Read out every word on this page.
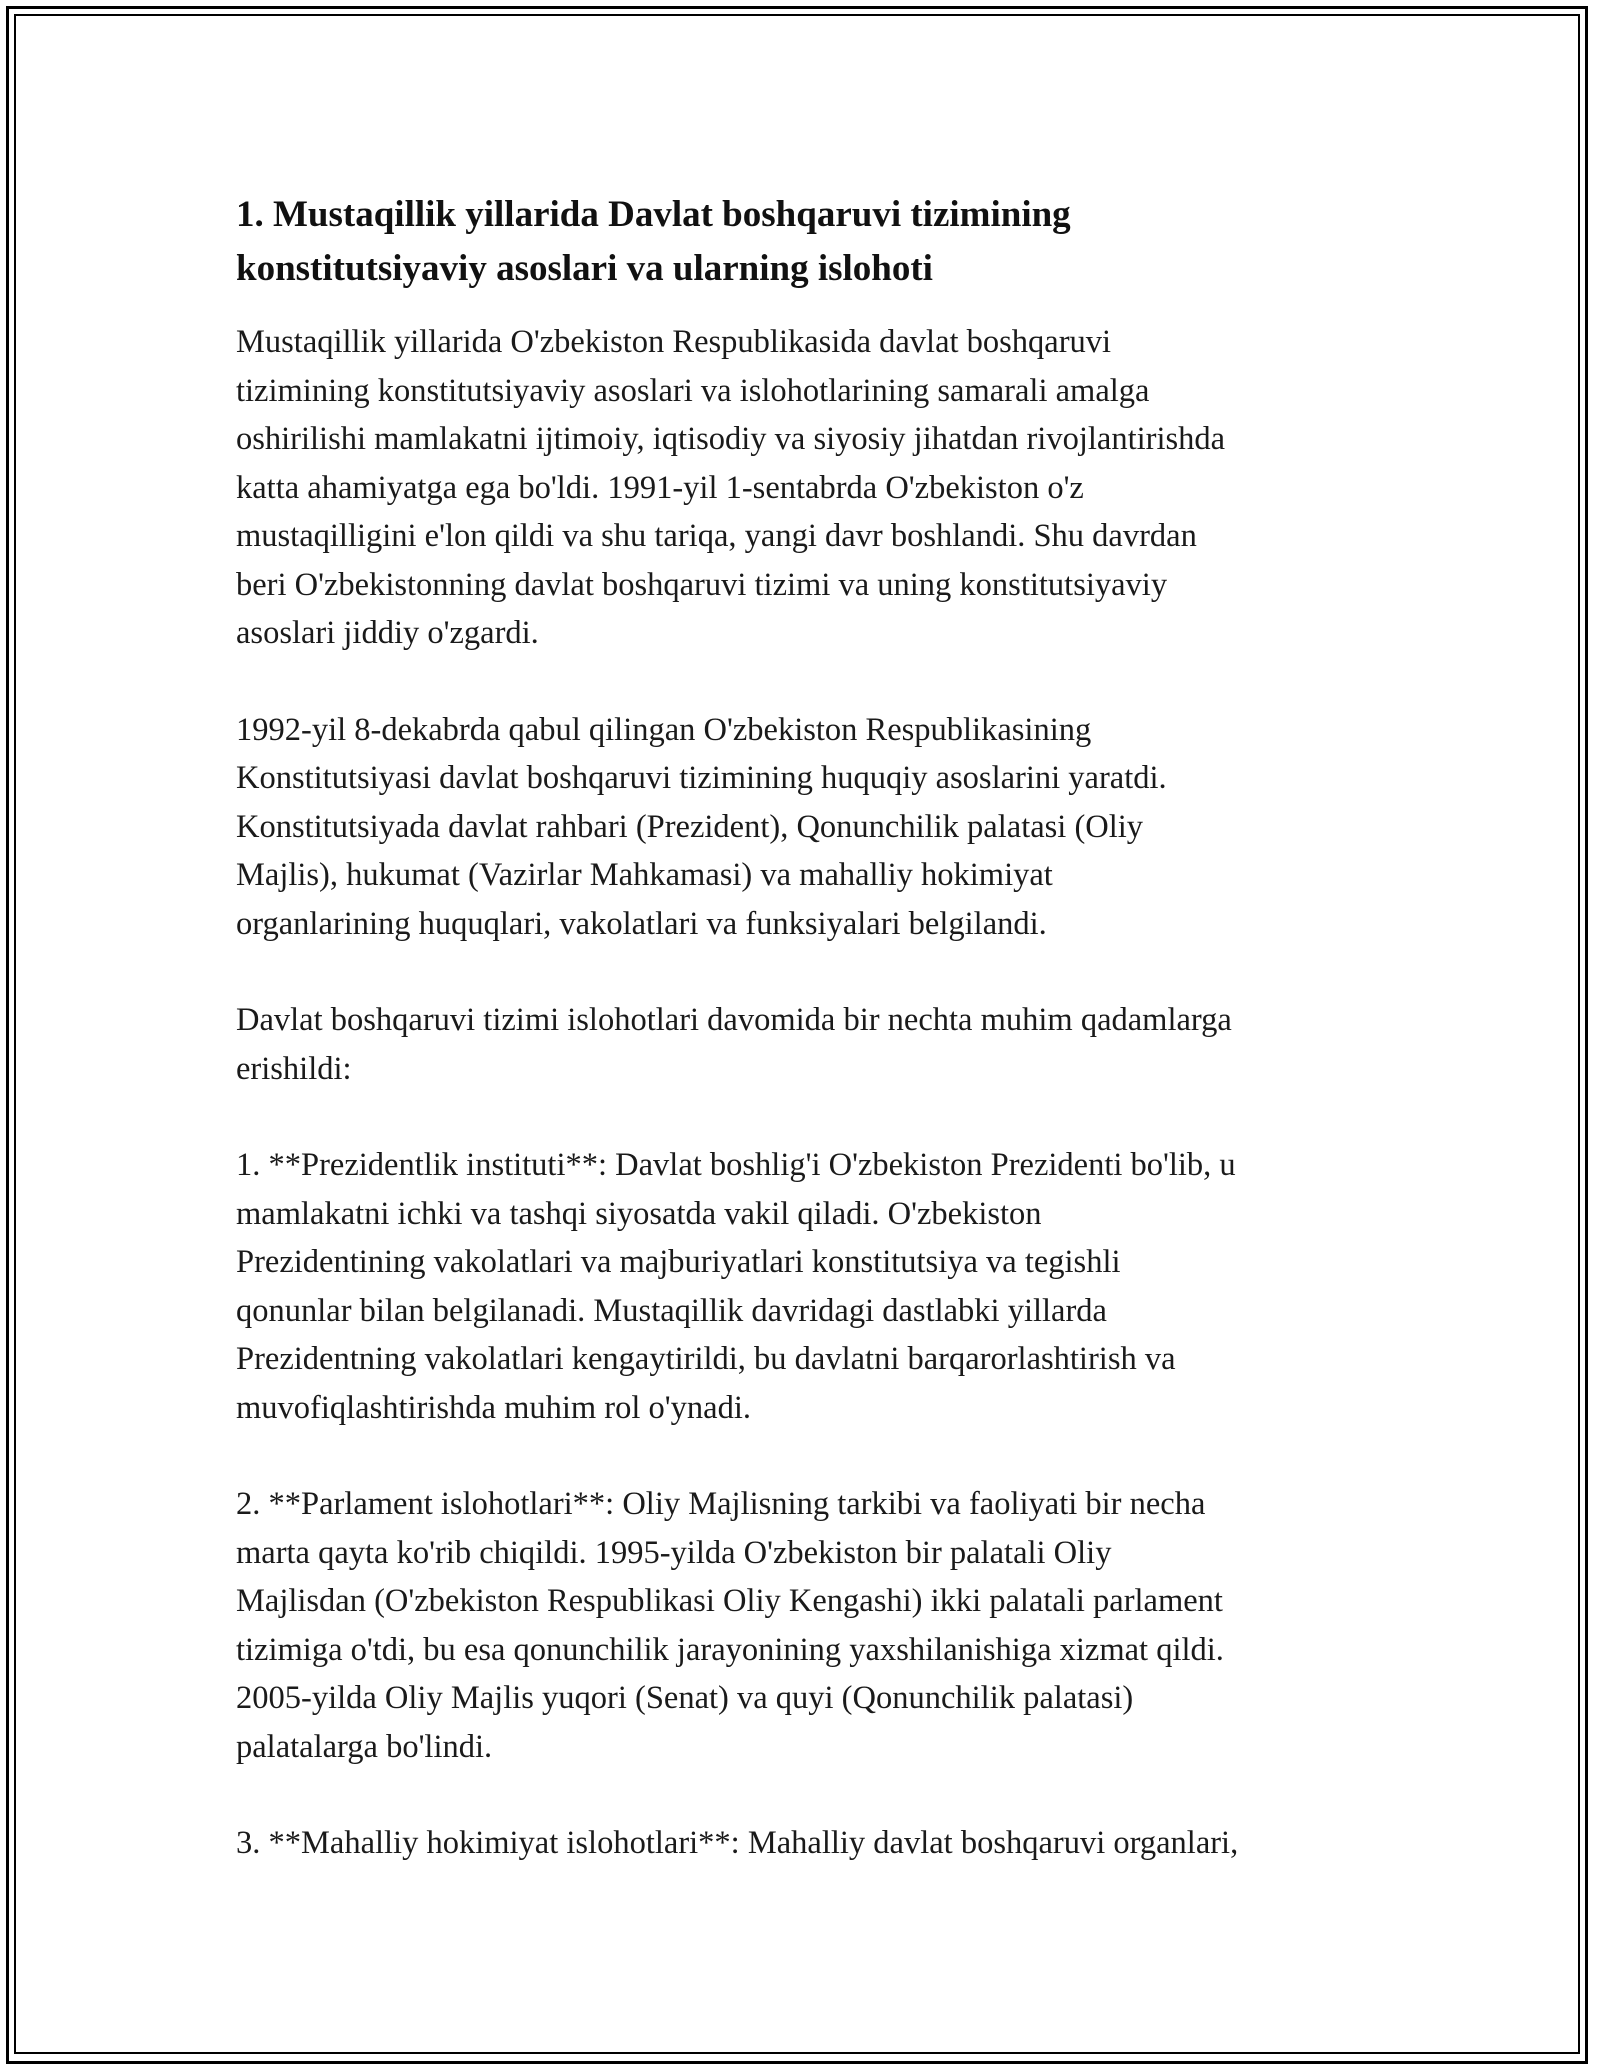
1. Mustaqillik yillarida Davlat boshqaruvi tizimining
konstitutsiyaviy asoslari va ularning islohoti

Mustaqillik yillarida O'zbekiston Respublikasida davlat boshqaruvi
tizimining konstitutsiyaviy asoslari va islohotlarining samarali amalga
oshirilishi mamlakatni ijtimoiy, iqtisodiy va siyosiy jihatdan rivojlantirishda
katta ahamiyatga ega bo'ldi. 1991-yil 1-sentabrda O'zbekiston o'z
mustaqilligini e'lon qildi va shu tariqa, yangi davr boshlandi. Shu davrdan
beri O'zbekistonning davlat boshqaruvi tizimi va uning konstitutsiyaviy
asoslari jiddiy o'zgardi.

1992-yil 8-dekabrda qabul qilingan O'zbekiston Respublikasining
Konstitutsiyasi davlat boshqaruvi tizimining huquqiy asoslarini yaratdi.
Konstitutsiyada davlat rahbari (Prezident), Qonunchilik palatasi (Oliy
Majlis), hukumat (Vazirlar Mahkamasi) va mahalliy hokimiyat
organlarining huquqlari, vakolatlari va funksiyalari belgilandi.

Davlat boshqaruvi tizimi islohotlari davomida bir nechta muhim qadamlarga
erishildi:

1. **Prezidentlik instituti**: Davlat boshlig'i O'zbekiston Prezidenti bo'lib, u
mamlakatni ichki va tashqi siyosatda vakil qiladi. O'zbekiston
Prezidentining vakolatlari va majburiyatlari konstitutsiya va tegishli
qonunlar bilan belgilanadi. Mustaqillik davridagi dastlabki yillarda
Prezidentning vakolatlari kengaytirildi, bu davlatni barqarorlashtirish va
muvofiqlashtirishda muhim rol o'ynadi.

2. **Parlament islohotlari**: Oliy Majlisning tarkibi va faoliyati bir necha
marta qayta ko'rib chiqildi. 1995-yilda O'zbekiston bir palatali Oliy
Majlisdan (O'zbekiston Respublikasi Oliy Kengashi) ikki palatali parlament
tizimiga o'tdi, bu esa qonunchilik jarayonining yaxshilanishiga xizmat qildi.
2005-yilda Oliy Majlis yuqori (Senat) va quyi (Qonunchilik palatasi)
palatalarga bo'lindi.

3. **Mahalliy hokimiyat islohotlari**: Mahalliy davlat boshqaruvi organlari,
